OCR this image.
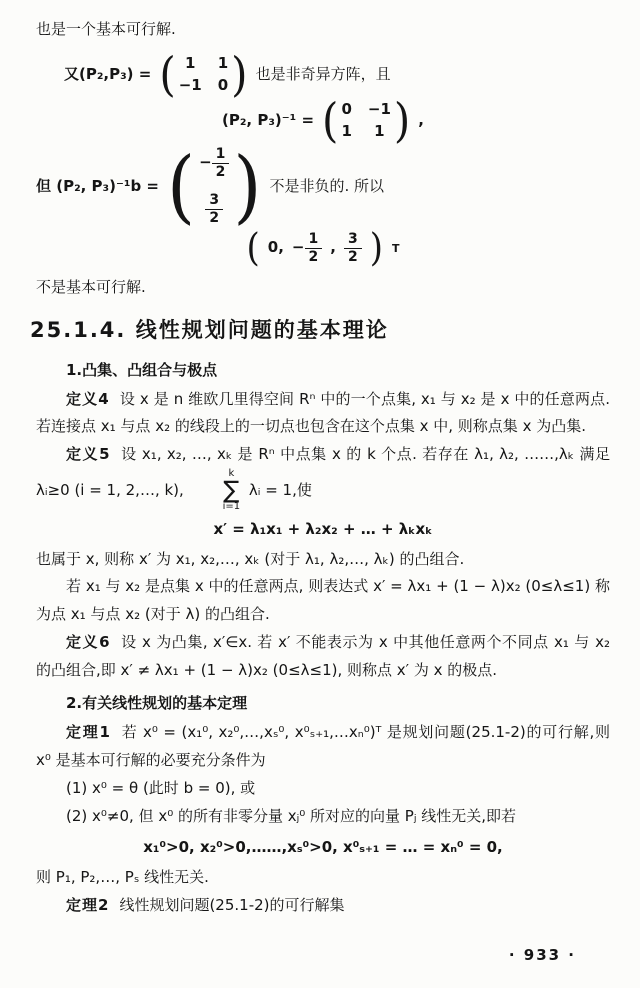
也是一个基本可行解.

又(P₂,P₃) = ( 1	1
−1 0 ) 也是非奇异方阵，且
(P₂, P₃)⁻¹ = ( 0 −1
1	1 ) ,
但 (P₂, P₃)⁻¹b = ( − $\frac{1}{2}$
$\frac{3}{2}$ ) 不是非负的. 所以
( 0, − $\frac{1}{2}$ , $\frac{3}{2}$ ) T

不是基本可行解.

25.1.4. 线性规划问题的基本理论

1.凸集、凸组合与极点

定义4 设 x 是 n 维欧几里得空间 Rⁿ 中的一个点集, x₁ 与 x₂ 是 x 中的任意两点. 若连接点 x₁ 与点 x₂ 的线段上的一切点也包含在这个点集 x 中, 则称点集 x 为凸集.

定义5 设 x₁, x₂, …, xₖ 是 Rⁿ 中点集 x 的 k 个点. 若存在 λ₁, λ₂, ……,λₖ 满足 λᵢ≥0 (i = 1, 2,…, k),
k
∑
i=1
λᵢ = 1,使

x′ = λ₁x₁ + λ₂x₂ + … + λₖxₖ

也属于 x, 则称 x′ 为 x₁, x₂,…, xₖ (对于 λ₁, λ₂,…, λₖ) 的凸组合.

若 x₁ 与 x₂ 是点集 x 中的任意两点, 则表达式 x′ = λx₁ + (1 − λ)x₂ (0≤λ≤1) 称为点 x₁ 与点 x₂ (对于 λ) 的凸组合.

定义6 设 x 为凸集, x′∈x. 若 x′ 不能表示为 x 中其他任意两个不同点 x₁ 与 x₂ 的凸组合,即 x′ ≠ λx₁ + (1 − λ)x₂ (0≤λ≤1), 则称点 x′ 为 x 的极点.

2.有关线性规划的基本定理

定理1 若 x⁰ = (x₁⁰, x₂⁰,…,xₛ⁰, x⁰ₛ₊₁,…xₙ⁰)ᵀ 是规划问题(25.1-2)的可行解,则 x⁰ 是基本可行解的必要充分条件为

(1) x⁰ = θ (此时 b = 0), 或

(2) x⁰≠0, 但 x⁰ 的所有非零分量 xⱼ⁰ 所对应的向量 Pⱼ 线性无关,即若

x₁⁰>0, x₂⁰>0,……,xₛ⁰>0, x⁰ₛ₊₁ = … = xₙ⁰ = 0,

则 P₁, P₂,…, Pₛ 线性无关.

定理2 线性规划问题(25.1-2)的可行解集

· 933 ·
